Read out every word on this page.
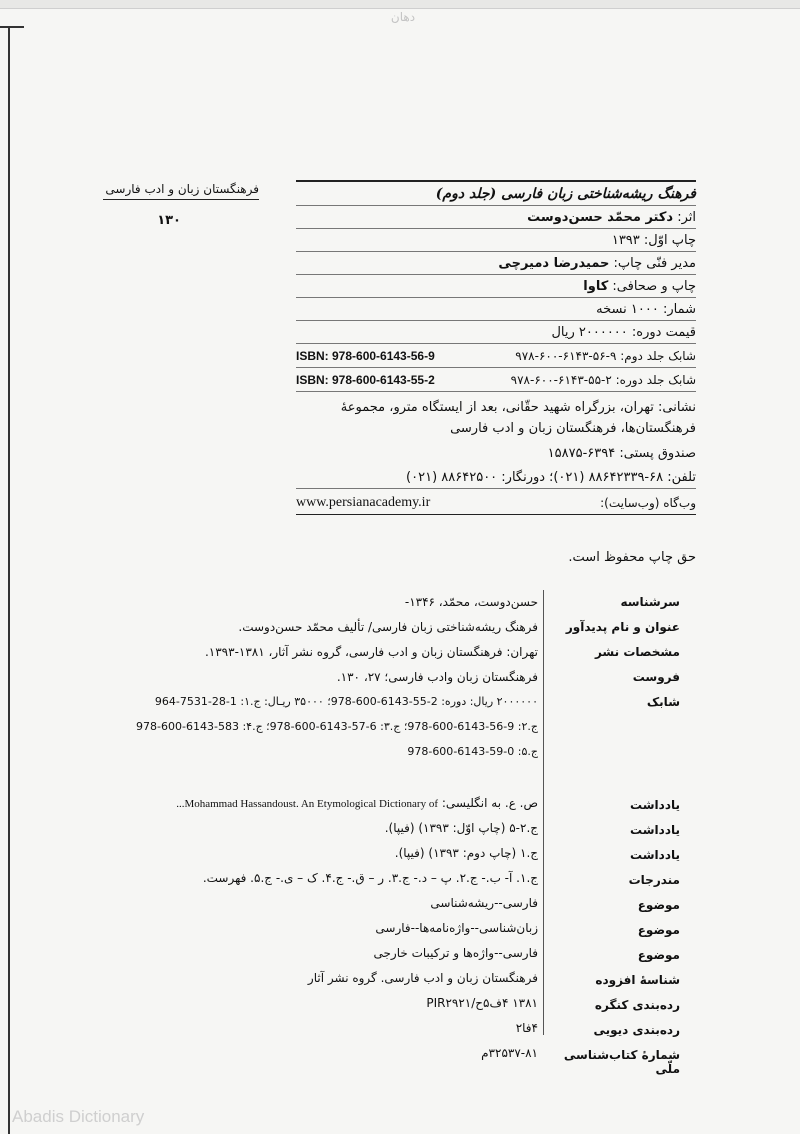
دهان
فرهنگستان زبان و ادب فارسی
۱۳۰
فرهنگ ریشه‌شناختی زبان فارسی (جلد دوم)
اثر: دکتر محمّد حسن‌دوست
چاپ اوّل: ۱۳۹۳
مدیر فنّی چاپ: حمیدرضا دمیرچی
چاپ و صحافی: کاوا
شمار: ۱۰۰۰ نسخه
قیمت دوره: ۲۰۰۰۰۰۰ ریال
شابک جلد دوم: ۹-۵۶-۶۱۴۳-۶۰۰-۹۷۸
ISBN: 978-600-6143-56-9
شابک جلد دوره: ۲-۵۵-۶۱۴۳-۶۰۰-۹۷۸
ISBN: 978-600-6143-55-2
نشانی: تهران، بزرگراه شهید حقّانی، بعد از ایستگاه مترو، مجموعهٔ فرهنگستان‌ها، فرهنگستان زبان و ادب فارسی
صندوق پستی: ۶۳۹۴-۱۵۸۷۵
تلفن: ۶۸-۸۸۶۴۲۳۳۹ (۰۲۱)؛ دورنگار: ۸۸۶۴۲۵۰۰ (۰۲۱)
وب‌گاه (وب‌سایت):
www.persianacademy.ir
حق چاپ محفوظ است.
سرشناسه
حسن‌دوست، محمّد، ۱۳۴۶-
عنوان و نام پدیدآور
فرهنگ ریشه‌شناختی زبان فارسی/ تألیف محمّد حسن‌دوست.
مشخصات نشر
تهران: فرهنگستان زبان و ادب فارسی، گروه نشر آثار، ۱۳۸۱-۱۳۹۳.
فروست
فرهنگستان زبان وادب فارسی؛ ۲۷، ۱۳۰.
شابک
۲۰۰۰۰۰۰ ریال: دوره: 2-55-6143-600-978؛ ۳۵۰۰۰ ریـال: ج.۱: 1-28-7531-964
ج.۲: 9-56-6143-600-978؛ ج.۳: 6-57-6143-600-978؛ ج.۴: 583-6143-600-978
ج.۵: 0-59-6143-600-978
یادداشت
ص. ع. به انگلیسی: Mohammad Hassandoust. An Etymological Dictionary of...
یادداشت
ج.۲-۵ (چاپ اوّل: ۱۳۹۳) (فیپا).
یادداشت
ج.۱ (چاپ دوم: ۱۳۹۳) (فیپا).
مندرجات
ج.۱. آ- ب.- ج.۲. پ – د.- ج.۳. ر – ق.- ج.۴. ک – ی.- ج.۵. فهرست.
موضوع
فارسی--ریشه‌شناسی
موضوع
زبان‌شناسی--واژه‌نامه‌ها--فارسی
موضوع
فارسی--واژه‌ها و ترکیبات خارجی
شناسهٔ افزوده
فرهنگستان زبان و ادب فارسی. گروه نشر آثار
رده‌بندی کنگره
۱۳۸۱ ۴ف۵ح/PIR۲۹۲۱
رده‌بندی دیویی
۴فا۲
شمارهٔ کتاب‌شناسی ملّی
۳۲۵۳۷-۸۱م
Abadis Dictionary
